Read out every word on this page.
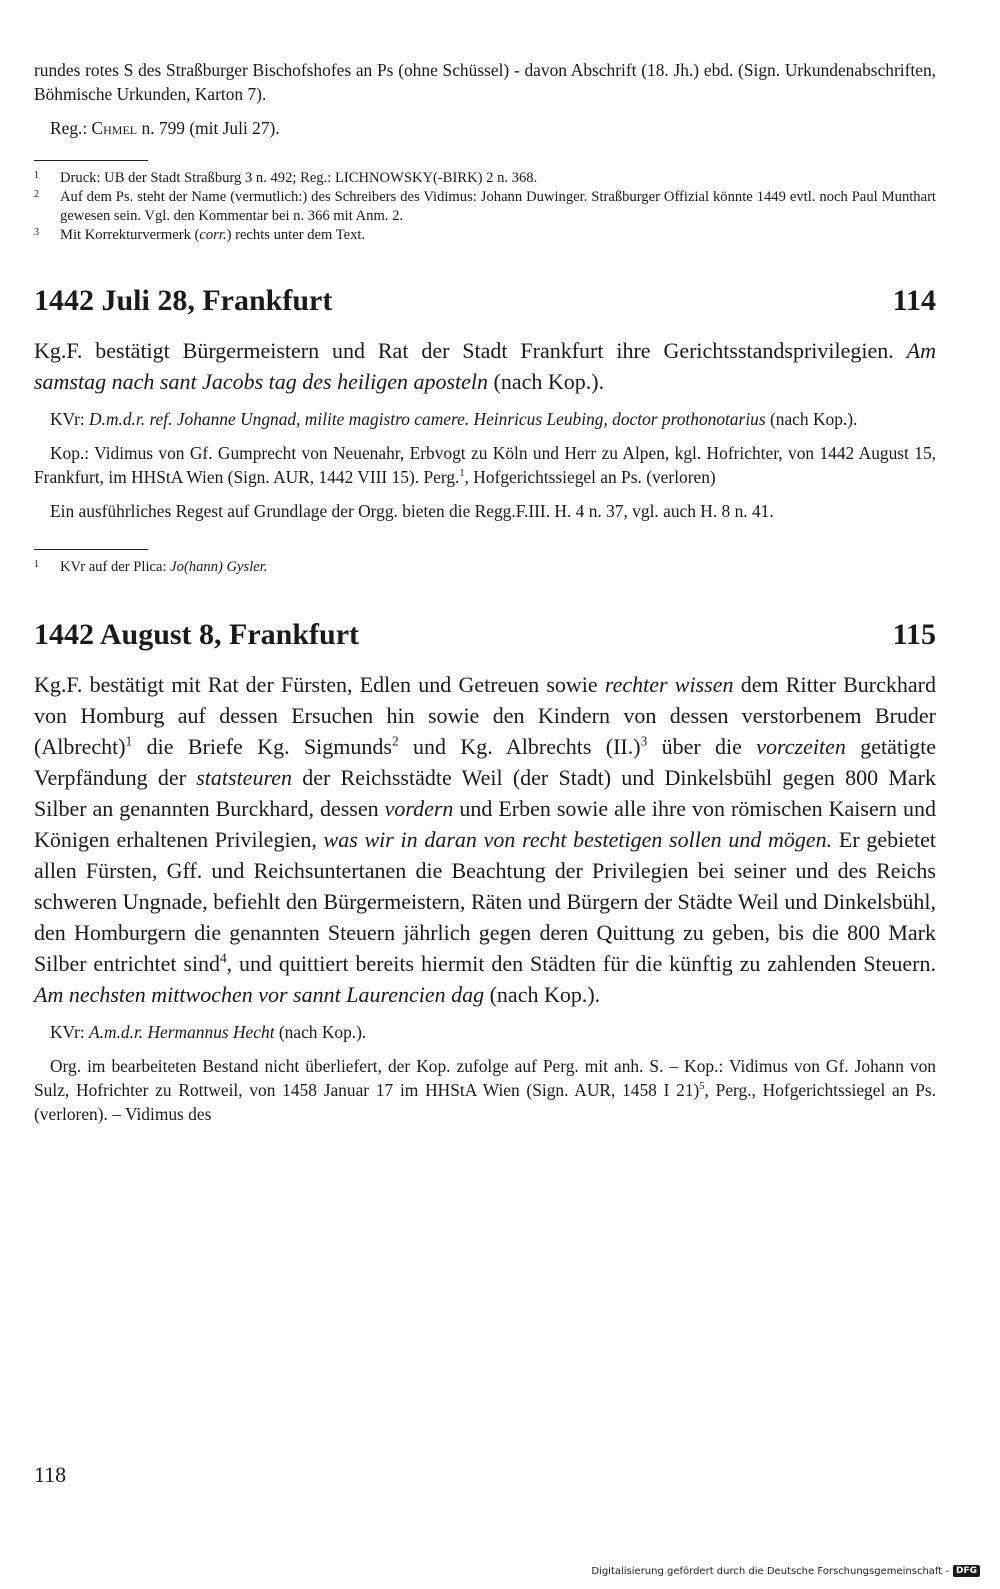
rundes rotes S des Straßburger Bischofshofes an Ps (ohne Schüssel) - davon Abschrift (18. Jh.) ebd. (Sign. Urkundenabschriften, Böhmische Urkunden, Karton 7).

Reg.: Chmel n. 799 (mit Juli 27).

1 Druck: UB der Stadt Straßburg 3 n. 492; Reg.: LICHNOWSKY(-BIRK) 2 n. 368.
2 Auf dem Ps. steht der Name (vermutlich:) des Schreibers des Vidimus: Johann Duwinger. Straßburger Offizial könnte 1449 evtl. noch Paul Munthart gewesen sein. Vgl. den Kommentar bei n. 366 mit Anm. 2.
3 Mit Korrekturvermerk (corr.) rechts unter dem Text.
1442 Juli 28, Frankfurt	114

Kg.F. bestätigt Bürgermeistern und Rat der Stadt Frankfurt ihre Gerichtsstandsprivilegien. Am samstag nach sant Jacobs tag des heiligen aposteln (nach Kop.).

KVr: D.m.d.r. ref. Johanne Ungnad, milite magistro camere. Heinricus Leubing, doctor prothonotarius (nach Kop.).

Kop.: Vidimus von Gf. Gumprecht von Neuenahr, Erbvogt zu Köln und Herr zu Alpen, kgl. Hofrichter, von 1442 August 15, Frankfurt, im HHStA Wien (Sign. AUR, 1442 VIII 15). Perg.$^1$, Hofgerichtssiegel an Ps. (verloren)

Ein ausführliches Regest auf Grundlage der Orgg. bieten die Regg.F.III. H. 4 n. 37, vgl. auch H. 8 n. 41.

1 KVr auf der Plica: Jo(hann) Gysler.
1442 August 8, Frankfurt	115

Kg.F. bestätigt mit Rat der Fürsten, Edlen und Getreuen sowie rechter wissen dem Ritter Burckhard von Homburg auf dessen Ersuchen hin sowie den Kindern von dessen verstorbenem Bruder (Albrecht)$^1$ die Briefe Kg. Sigmunds$^2$ und Kg. Albrechts $(II.)^3$ über die vorczeiten getätigte Verpfändung der statsteuren der Reichsstädte Weil (der Stadt) und Dinkelsbühl gegen 800 Mark Silber an genannten Burckhard, dessen vordern und Erben sowie alle ihre von römischen Kaisern und Königen erhaltenen Privilegien, was wir in daran von recht bestetigen sollen und mögen. Er gebietet allen Fürsten, Gff. und Reichsuntertanen die Beachtung der Privilegien bei seiner und des Reichs schweren Ungnade, befiehlt den Bürgermeistern, Räten und Bürgern der Städte Weil und Dinkelsbühl, den Homburgern die genannten Steuern jährlich gegen deren Quittung zu geben, bis die 800 Mark Silber entrichtet sind$^4$, und quittiert bereits hiermit den Städten für die künftig zu zahlenden Steuern. Am nechsten mittwochen vor sannt Laurencien dag (nach Kop.).

KVr: A.m.d.r. Hermannus Hecht (nach Kop.).

Org. im bearbeiteten Bestand nicht überliefert, der Kop. zufolge auf Perg. mit anh. S. – Kop.: Vidimus von Gf. Johann von Sulz, Hofrichter zu Rottweil, von 1458 Januar 17 im HHStA Wien (Sign. AUR, 1458 I 21)$^5$, Perg., Hofgerichtssiegel an Ps. (verloren). – Vidimus des

118
Digitalisierung gefördert durch die Deutsche Forschungsgemeinschaft - DFG
